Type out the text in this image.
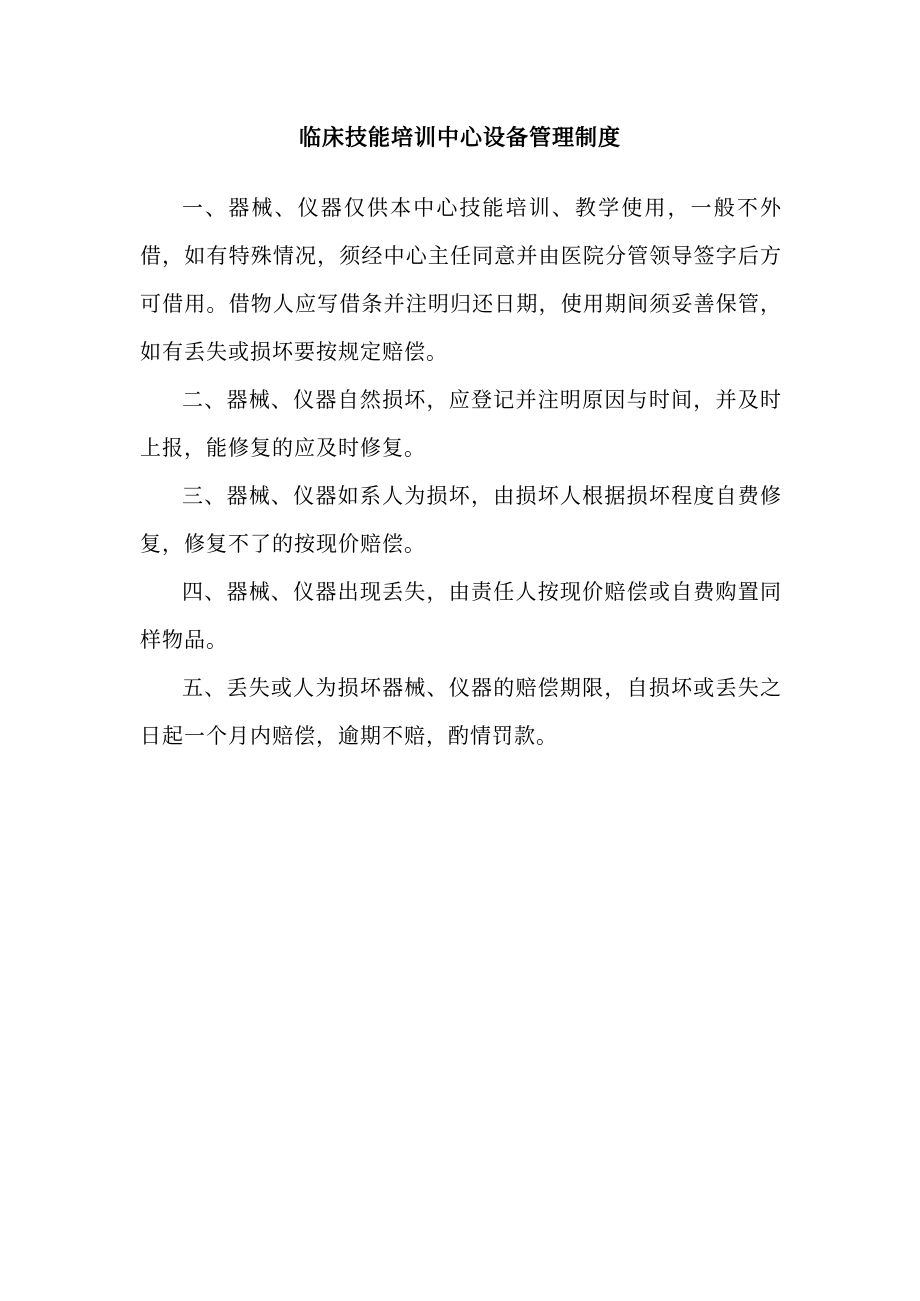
临床技能培训中心设备管理制度

一、器械、仪器仅供本中心技能培训、教学使用，一般不外借，如有特殊情况，须经中心主任同意并由医院分管领导签字后方可借用。借物人应写借条并注明归还日期，使用期间须妥善保管，如有丢失或损坏要按规定赔偿。

二、器械、仪器自然损坏，应登记并注明原因与时间，并及时上报，能修复的应及时修复。

三、器械、仪器如系人为损坏，由损坏人根据损坏程度自费修复，修复不了的按现价赔偿。

四、器械、仪器出现丢失，由责任人按现价赔偿或自费购置同样物品。

五、丢失或人为损坏器械、仪器的赔偿期限，自损坏或丢失之日起一个月内赔偿，逾期不赔，酌情罚款。
